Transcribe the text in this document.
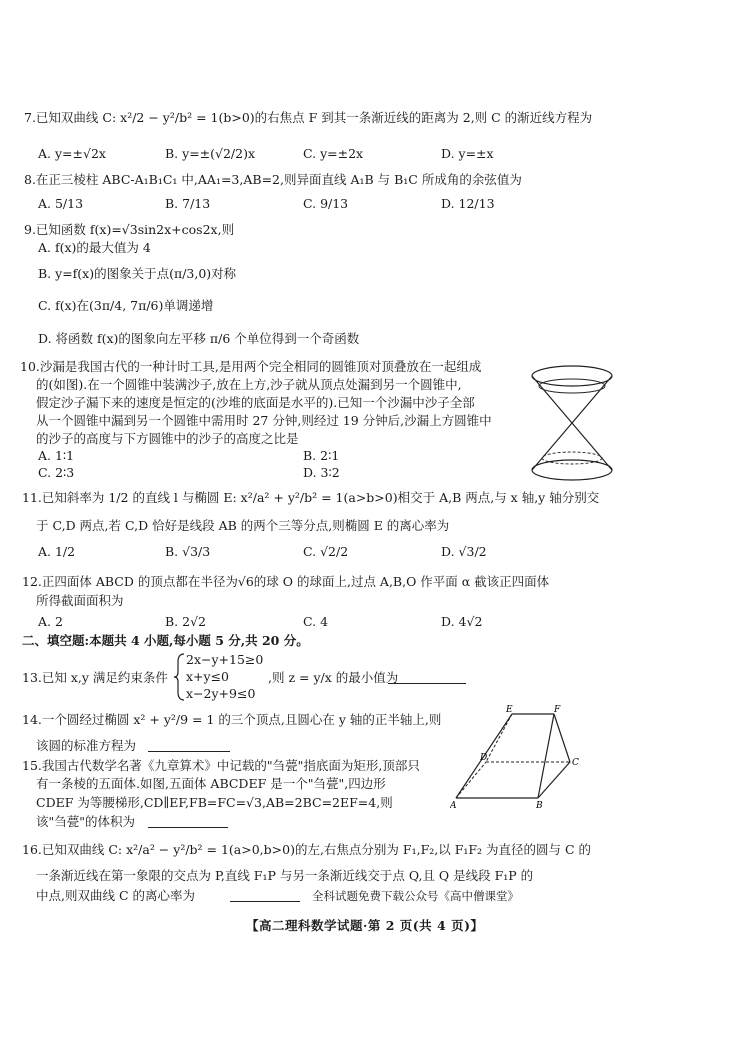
7.已知双曲线 C: x²/2 − y²/b² = 1(b>0)的右焦点 F 到其一条渐近线的距离为 2,则 C 的渐近线方程为
A. y=±√2x	B. y=±(√2/2)x	C. y=±2x	D. y=±x
8.在正三棱柱 ABC-A₁B₁C₁ 中,AA₁=3,AB=2,则异面直线 A₁B 与 B₁C 所成角的余弦值为
A. 5/13	B. 7/13	C. 9/13	D. 12/13
9.已知函数 f(x)=√3sin2x+cos2x,则
A. f(x)的最大值为 4
B. y=f(x)的图象关于点(π/3,0)对称
C. f(x)在(3π/4, 7π/6)单调递增
D. 将函数 f(x)的图象向左平移 π/6 个单位得到一个奇函数
10.沙漏是我国古代的一种计时工具,是用两个完全相同的圆锥顶对顶叠放在一起组成
的(如图).在一个圆锥中装满沙子,放在上方,沙子就从顶点处漏到另一个圆锥中,
假定沙子漏下来的速度是恒定的(沙堆的底面是水平的).已知一个沙漏中沙子全部
从一个圆锥中漏到另一个圆锥中需用时 27 分钟,则经过 19 分钟后,沙漏上方圆锥中
的沙子的高度与下方圆锥中的沙子的高度之比是
A. 1∶1	B. 2∶1
C. 2∶3	D. 3∶2
11.已知斜率为 1/2 的直线 l 与椭圆 E: x²/a² + y²/b² = 1(a>b>0)相交于 A,B 两点,与 x 轴,y 轴分别交
于 C,D 两点,若 C,D 恰好是线段 AB 的两个三等分点,则椭圆 E 的离心率为
A. 1/2	B. √3/3	C. √2/2	D. √3/2
12.正四面体 ABCD 的顶点都在半径为√6的球 O 的球面上,过点 A,B,O 作平面 α 截该正四面体
所得截面面积为
A. 2	B. 2√2	C. 4	D. 4√2
二、填空题:本题共 4 小题,每小题 5 分,共 20 分。
13.已知 x,y 满足约束条件
2x−y+15≥0
x+y≤0
x−2y+9≤0
,则 z = y/x 的最小值为
14.一个圆经过椭圆 x² + y²/9 = 1 的三个顶点,且圆心在 y 轴的正半轴上,则
该圆的标准方程为
15.我国古代数学名著《九章算术》中记载的"刍甍"指底面为矩形,顶部只
有一条棱的五面体.如图,五面体 ABCDEF 是一个"刍甍",四边形
CDEF 为等腰梯形,CD∥EF,FB=FC=√3,AB=2BC=2EF=4,则
该"刍甍"的体积为
E	F
D	C
A	B
16.已知双曲线 C: x²/a² − y²/b² = 1(a>0,b>0)的左,右焦点分别为 F₁,F₂,以 F₁F₂ 为直径的圆与 C 的
一条渐近线在第一象限的交点为 P,直线 F₁P 与另一条渐近线交于点 Q,且 Q 是线段 F₁P 的
中点,则双曲线 C 的离心率为	全科试题免费下载公众号《高中僧课堂》
【高二理科数学试题·第 2 页(共 4 页)】
